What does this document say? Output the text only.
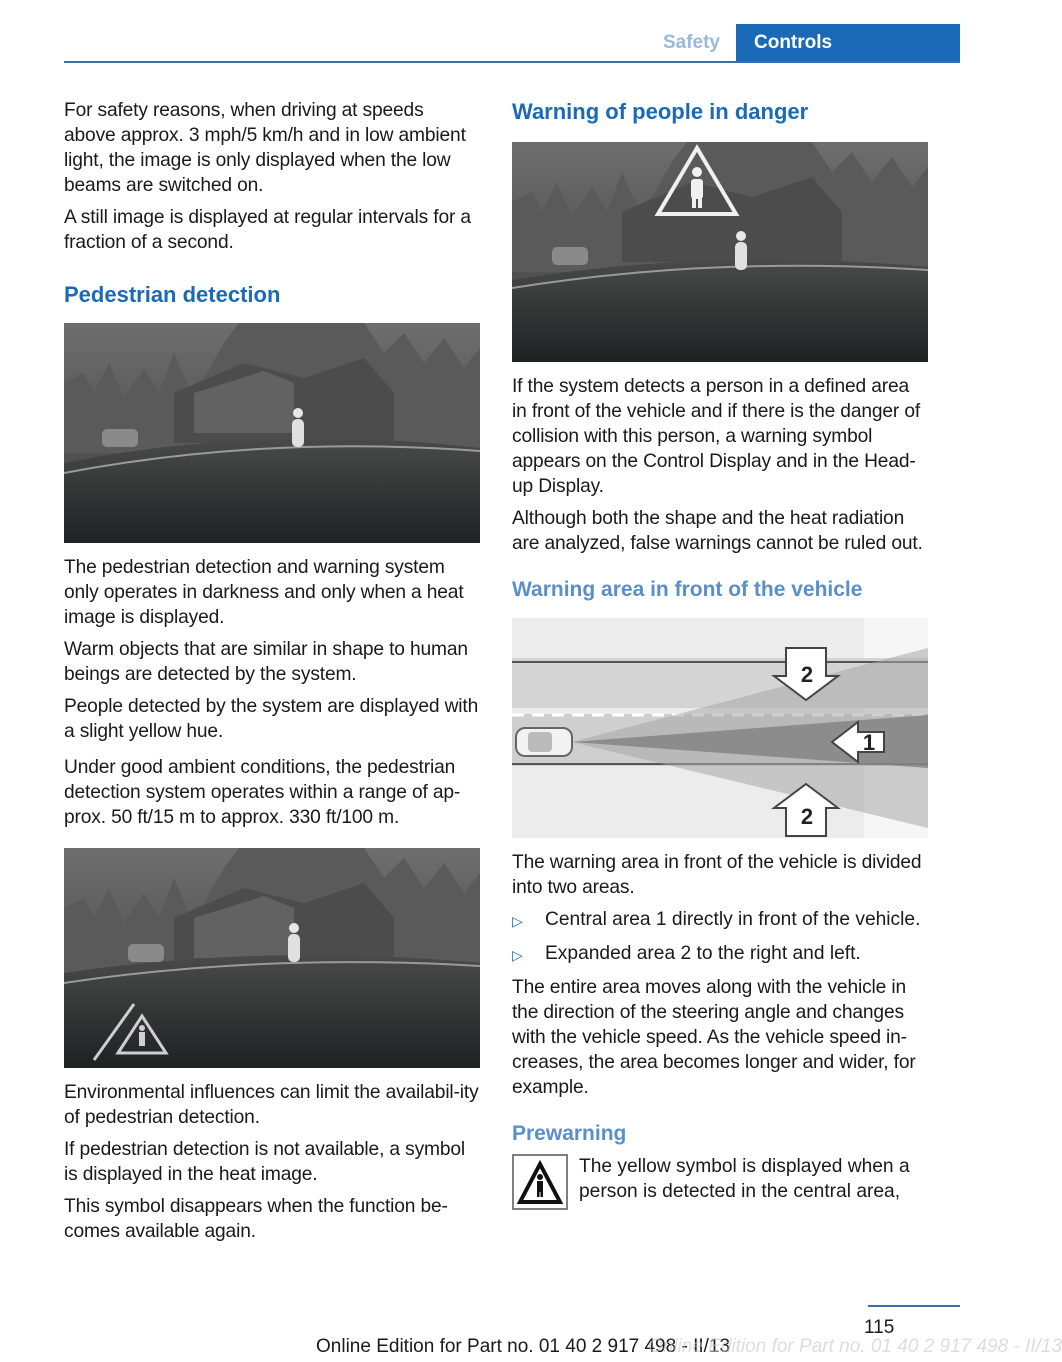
Safety	Controls

For safety reasons, when driving at speeds above approx. 3 mph/5 km/h and in low ambient light, the image is only displayed when the low beams are switched on.

A still image is displayed at regular intervals for a fraction of a second.

Pedestrian detection

The pedestrian detection and warning system only operates in darkness and only when a heat image is displayed.

Warm objects that are similar in shape to human beings are detected by the system.

People detected by the system are displayed with a slight yellow hue.

Under good ambient conditions, the pedestrian detection system operates within a range of ap-prox. 50 ft/15 m to approx. 330 ft/100 m.

Environmental influences can limit the availabil-ity of pedestrian detection.

If pedestrian detection is not available, a symbol is displayed in the heat image.

This symbol disappears when the function be-comes available again.

Warning of people in danger

If the system detects a person in a defined area in front of the vehicle and if there is the danger of collision with this person, a warning symbol appears on the Control Display and in the Head-up Display.

Although both the shape and the heat radiation are analyzed, false warnings cannot be ruled out.

Warning area in front of the vehicle
2
1
2

The warning area in front of the vehicle is divided into two areas.

▷	Central area 1 directly in front of the vehicle.
▷	Expanded area 2 to the right and left.

The entire area moves along with the vehicle in the direction of the steering angle and changes with the vehicle speed. As the vehicle speed in-creases, the area becomes longer and wider, for example.

Prewarning
The yellow symbol is displayed when a person is detected in the central area,
115
Online Edition for Part no. 01 40 2 917 498 - II/13
Online Edition for Part no. 01 40 2 917 498 - II/13
